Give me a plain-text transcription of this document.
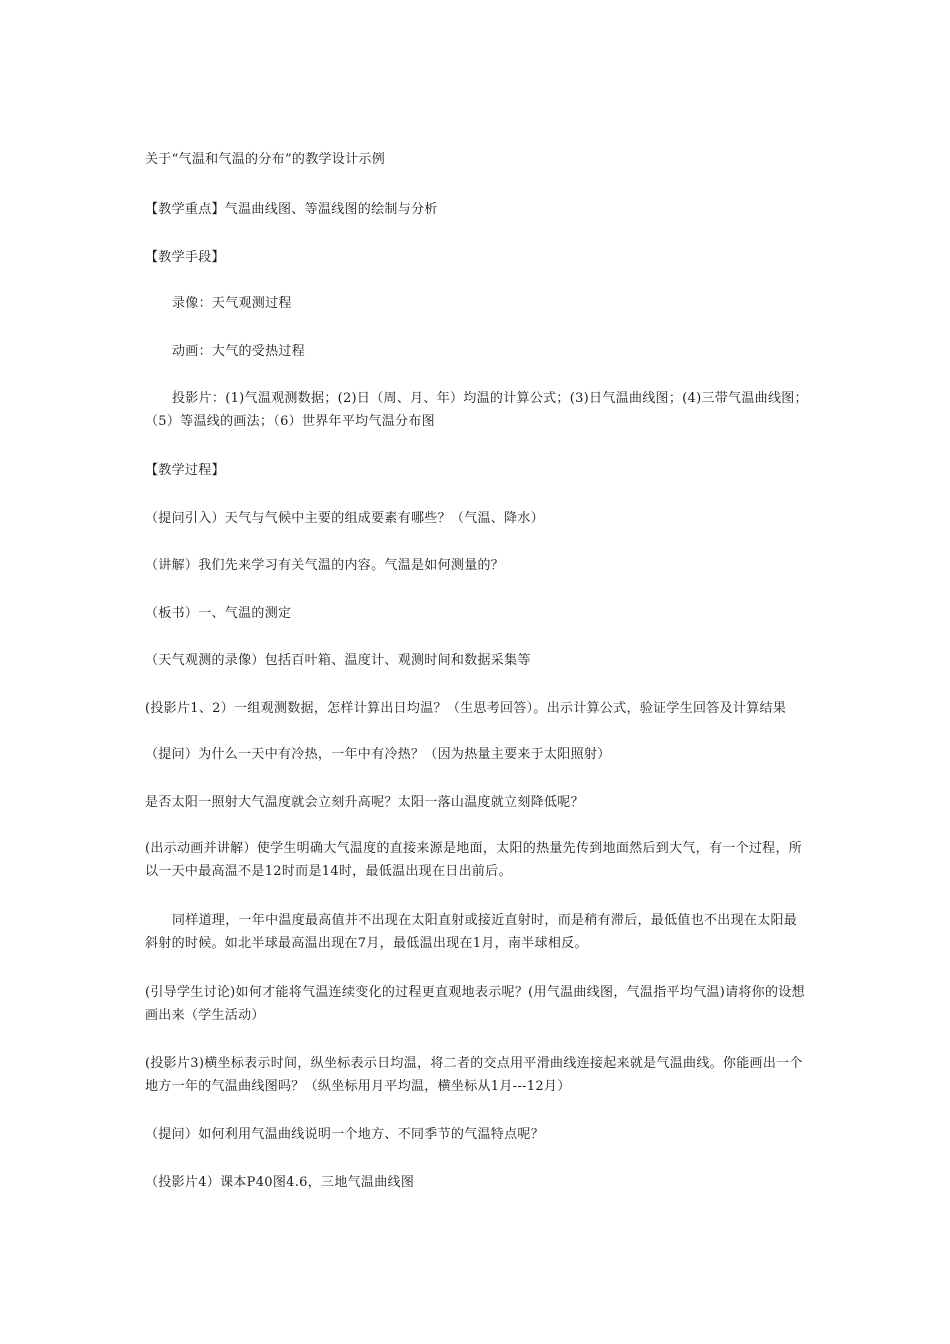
关于“气温和气温的分布”的教学设计示例
【教学重点】气温曲线图、等温线图的绘制与分析
【教学手段】
录像：天气观测过程
动画：大气的受热过程
投影片：(1)气温观测数据；(2)日（周、月、年）均温的计算公式；(3)日气温曲线图；(4)三带气温曲线图；（5）等温线的画法；（6）世界年平均气温分布图
【教学过程】
（提问引入）天气与气候中主要的组成要素有哪些？（气温、降水）
（讲解）我们先来学习有关气温的内容。气温是如何测量的？
（板书）一、气温的测定
（天气观测的录像）包括百叶箱、温度计、观测时间和数据采集等
(投影片1、2）一组观测数据，怎样计算出日均温？（生思考回答）。出示计算公式，验证学生回答及计算结果
（提问）为什么一天中有冷热，一年中有冷热？（因为热量主要来于太阳照射）
是否太阳一照射大气温度就会立刻升高呢？太阳一落山温度就立刻降低呢？
(出示动画并讲解）使学生明确大气温度的直接来源是地面，太阳的热量先传到地面然后到大气，有一个过程，所以一天中最高温不是12时而是14时，最低温出现在日出前后。
同样道理，一年中温度最高值并不出现在太阳直射或接近直射时，而是稍有滞后，最低值也不出现在太阳最斜射的时候。如北半球最高温出现在7月，最低温出现在1月，南半球相反。
(引导学生讨论)如何才能将气温连续变化的过程更直观地表示呢？(用气温曲线图，气温指平均气温)请将你的设想画出来（学生活动）
(投影片3)横坐标表示时间，纵坐标表示日均温，将二者的交点用平滑曲线连接起来就是气温曲线。你能画出一个地方一年的气温曲线图吗？（纵坐标用月平均温，横坐标从1月---12月）
（提问）如何利用气温曲线说明一个地方、不同季节的气温特点呢？
（投影片4）课本P40图4.6，三地气温曲线图
